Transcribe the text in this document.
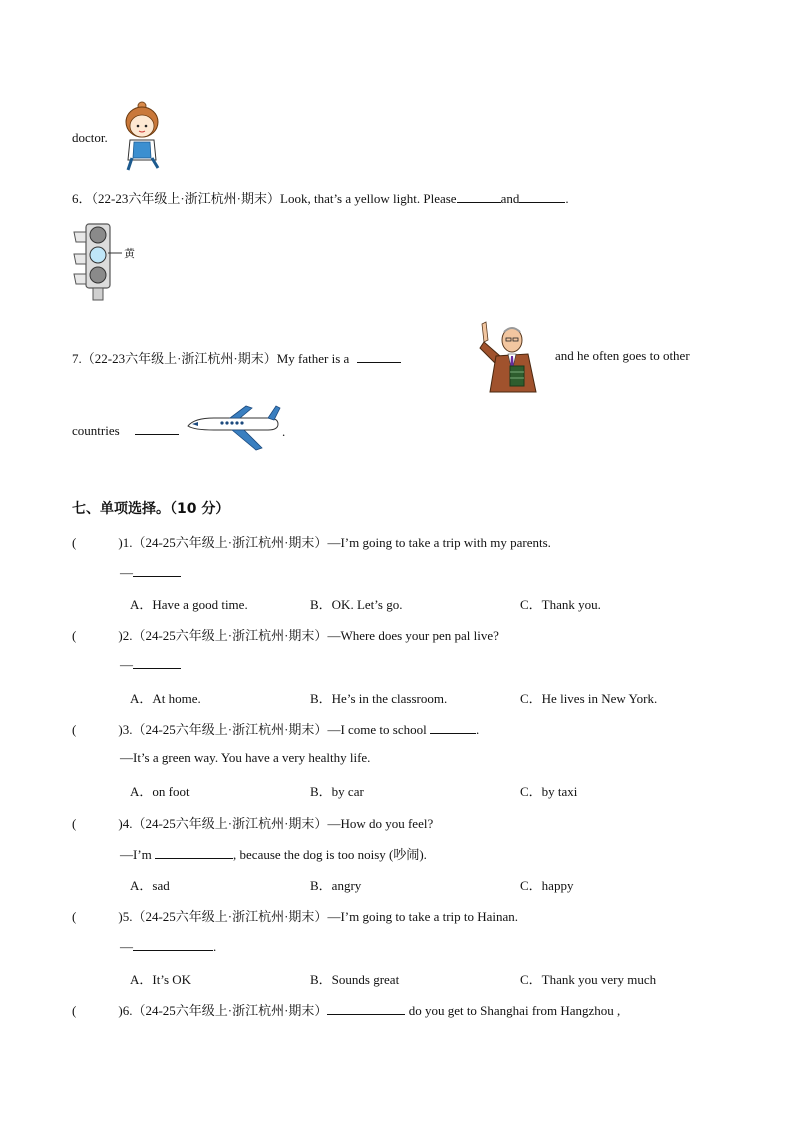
doctor.
6．（22-23六年级上·浙江杭州·期末）Look, that’s a yellow light. Please	and	.
黄
7.（22-23六年级上·浙江杭州·期末）My father is a	and he often goes to other
countries	.
七、单项选择。（10 分）
(	)1.（24-25六年级上·浙江杭州·期末）—I’m going to take a trip with my parents.
—
A．Have a good time.	B．OK. Let’s go.	C．Thank you.
(	)2.（24-25六年级上·浙江杭州·期末）—Where does your pen pal live?
—
A．At home.	B．He’s in the classroom.	C．He lives in New York.
(	)3.（24-25六年级上·浙江杭州·期末）—I come to school	.
—It’s a green way. You have a very healthy life.
A．on foot	B．by car	C．by taxi
(	)4.（24-25六年级上·浙江杭州·期末）—How do you feel?
—I’m	, because the dog is too noisy (吵闹).
A．sad	B．angry	C．happy
(	)5.（24-25六年级上·浙江杭州·期末）—I’m going to take a trip to Hainan.
—	.
A．It’s OK	B．Sounds great	C．Thank you very much
(	)6.（24-25六年级上·浙江杭州·期末）	do you get to Shanghai from Hangzhou ,
